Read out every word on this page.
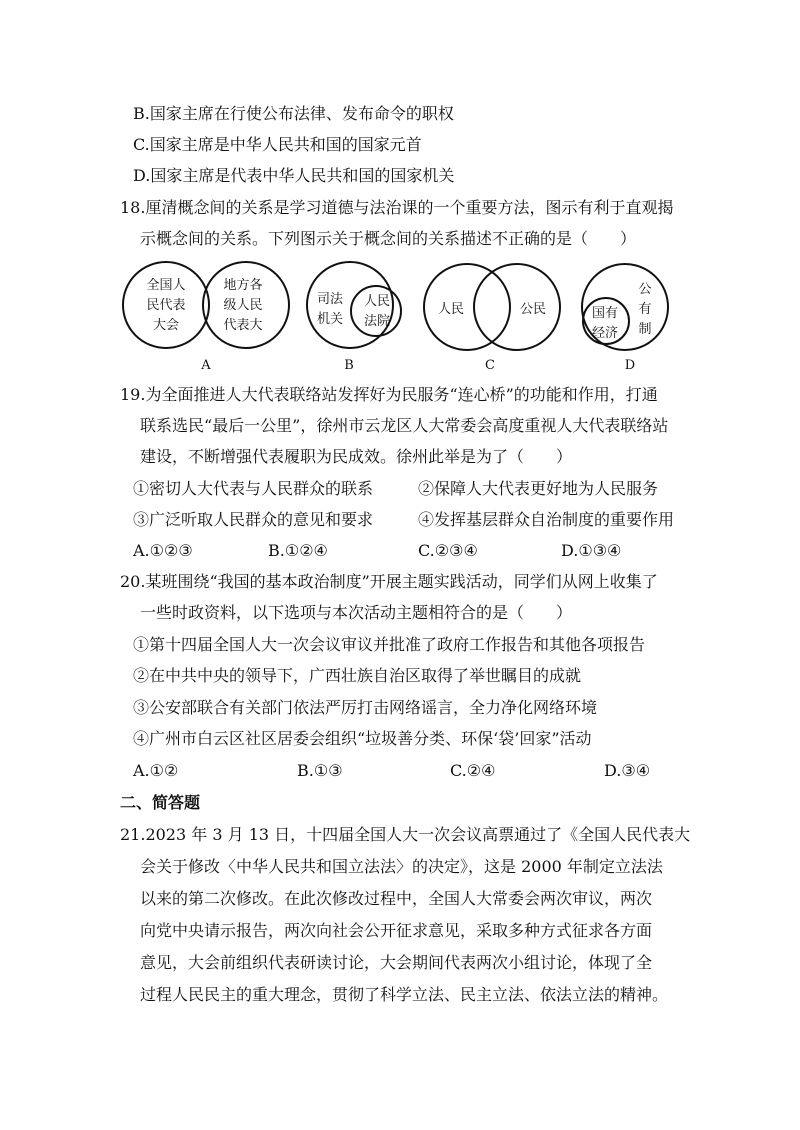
B.国家主席在行使公布法律、发布命令的职权
C.国家主席是中华人民共和国的国家元首
D.国家主席是代表中华人民共和国的国家机关
18.厘清概念间的关系是学习道德与法治课的一个重要方法，图示有利于直观揭
示概念间的关系。下列图示关于概念间的关系描述不正确的是（　　）
全国人
民代表
大会
地方各
级人民
代表大
A
司法
机关
人民
法院
B
人民	公民
C
国有
经济
公
有
制
D
19.为全面推进人大代表联络站发挥好为民服务“连心桥”的功能和作用，打通
联系选民“最后一公里”，徐州市云龙区人大常委会高度重视人大代表联络站
建设，不断增强代表履职为民成效。徐州此举是为了（　　）
①密切人大代表与人民群众的联系	②保障人大代表更好地为人民服务
③广泛听取人民群众的意见和要求	④发挥基层群众自治制度的重要作用
A.①②③	B.①②④	C.②③④	D.①③④
20.某班围绕“我国的基本政治制度”开展主题实践活动，同学们从网上收集了
一些时政资料，以下选项与本次活动主题相符合的是（　　）
①第十四届全国人大一次会议审议并批准了政府工作报告和其他各项报告
②在中共中央的领导下，广西壮族自治区取得了举世瞩目的成就
③公安部联合有关部门依法严厉打击网络谣言，全力净化网络环境
④广州市白云区社区居委会组织“垃圾善分类、环保‘袋’回家”活动
A.①②	B.①③	C.②④	D.③④
二、简答题
21.2023 年 3 月 13 日，十四届全国人大一次会议高票通过了《全国人民代表大
会关于修改〈中华人民共和国立法法〉的决定》，这是 2000 年制定立法法
以来的第二次修改。在此次修改过程中，全国人大常委会两次审议，两次
向党中央请示报告，两次向社会公开征求意见，采取多种方式征求各方面
意见，大会前组织代表研读讨论，大会期间代表两次小组讨论，体现了全
过程人民民主的重大理念，贯彻了科学立法、民主立法、依法立法的精神。
